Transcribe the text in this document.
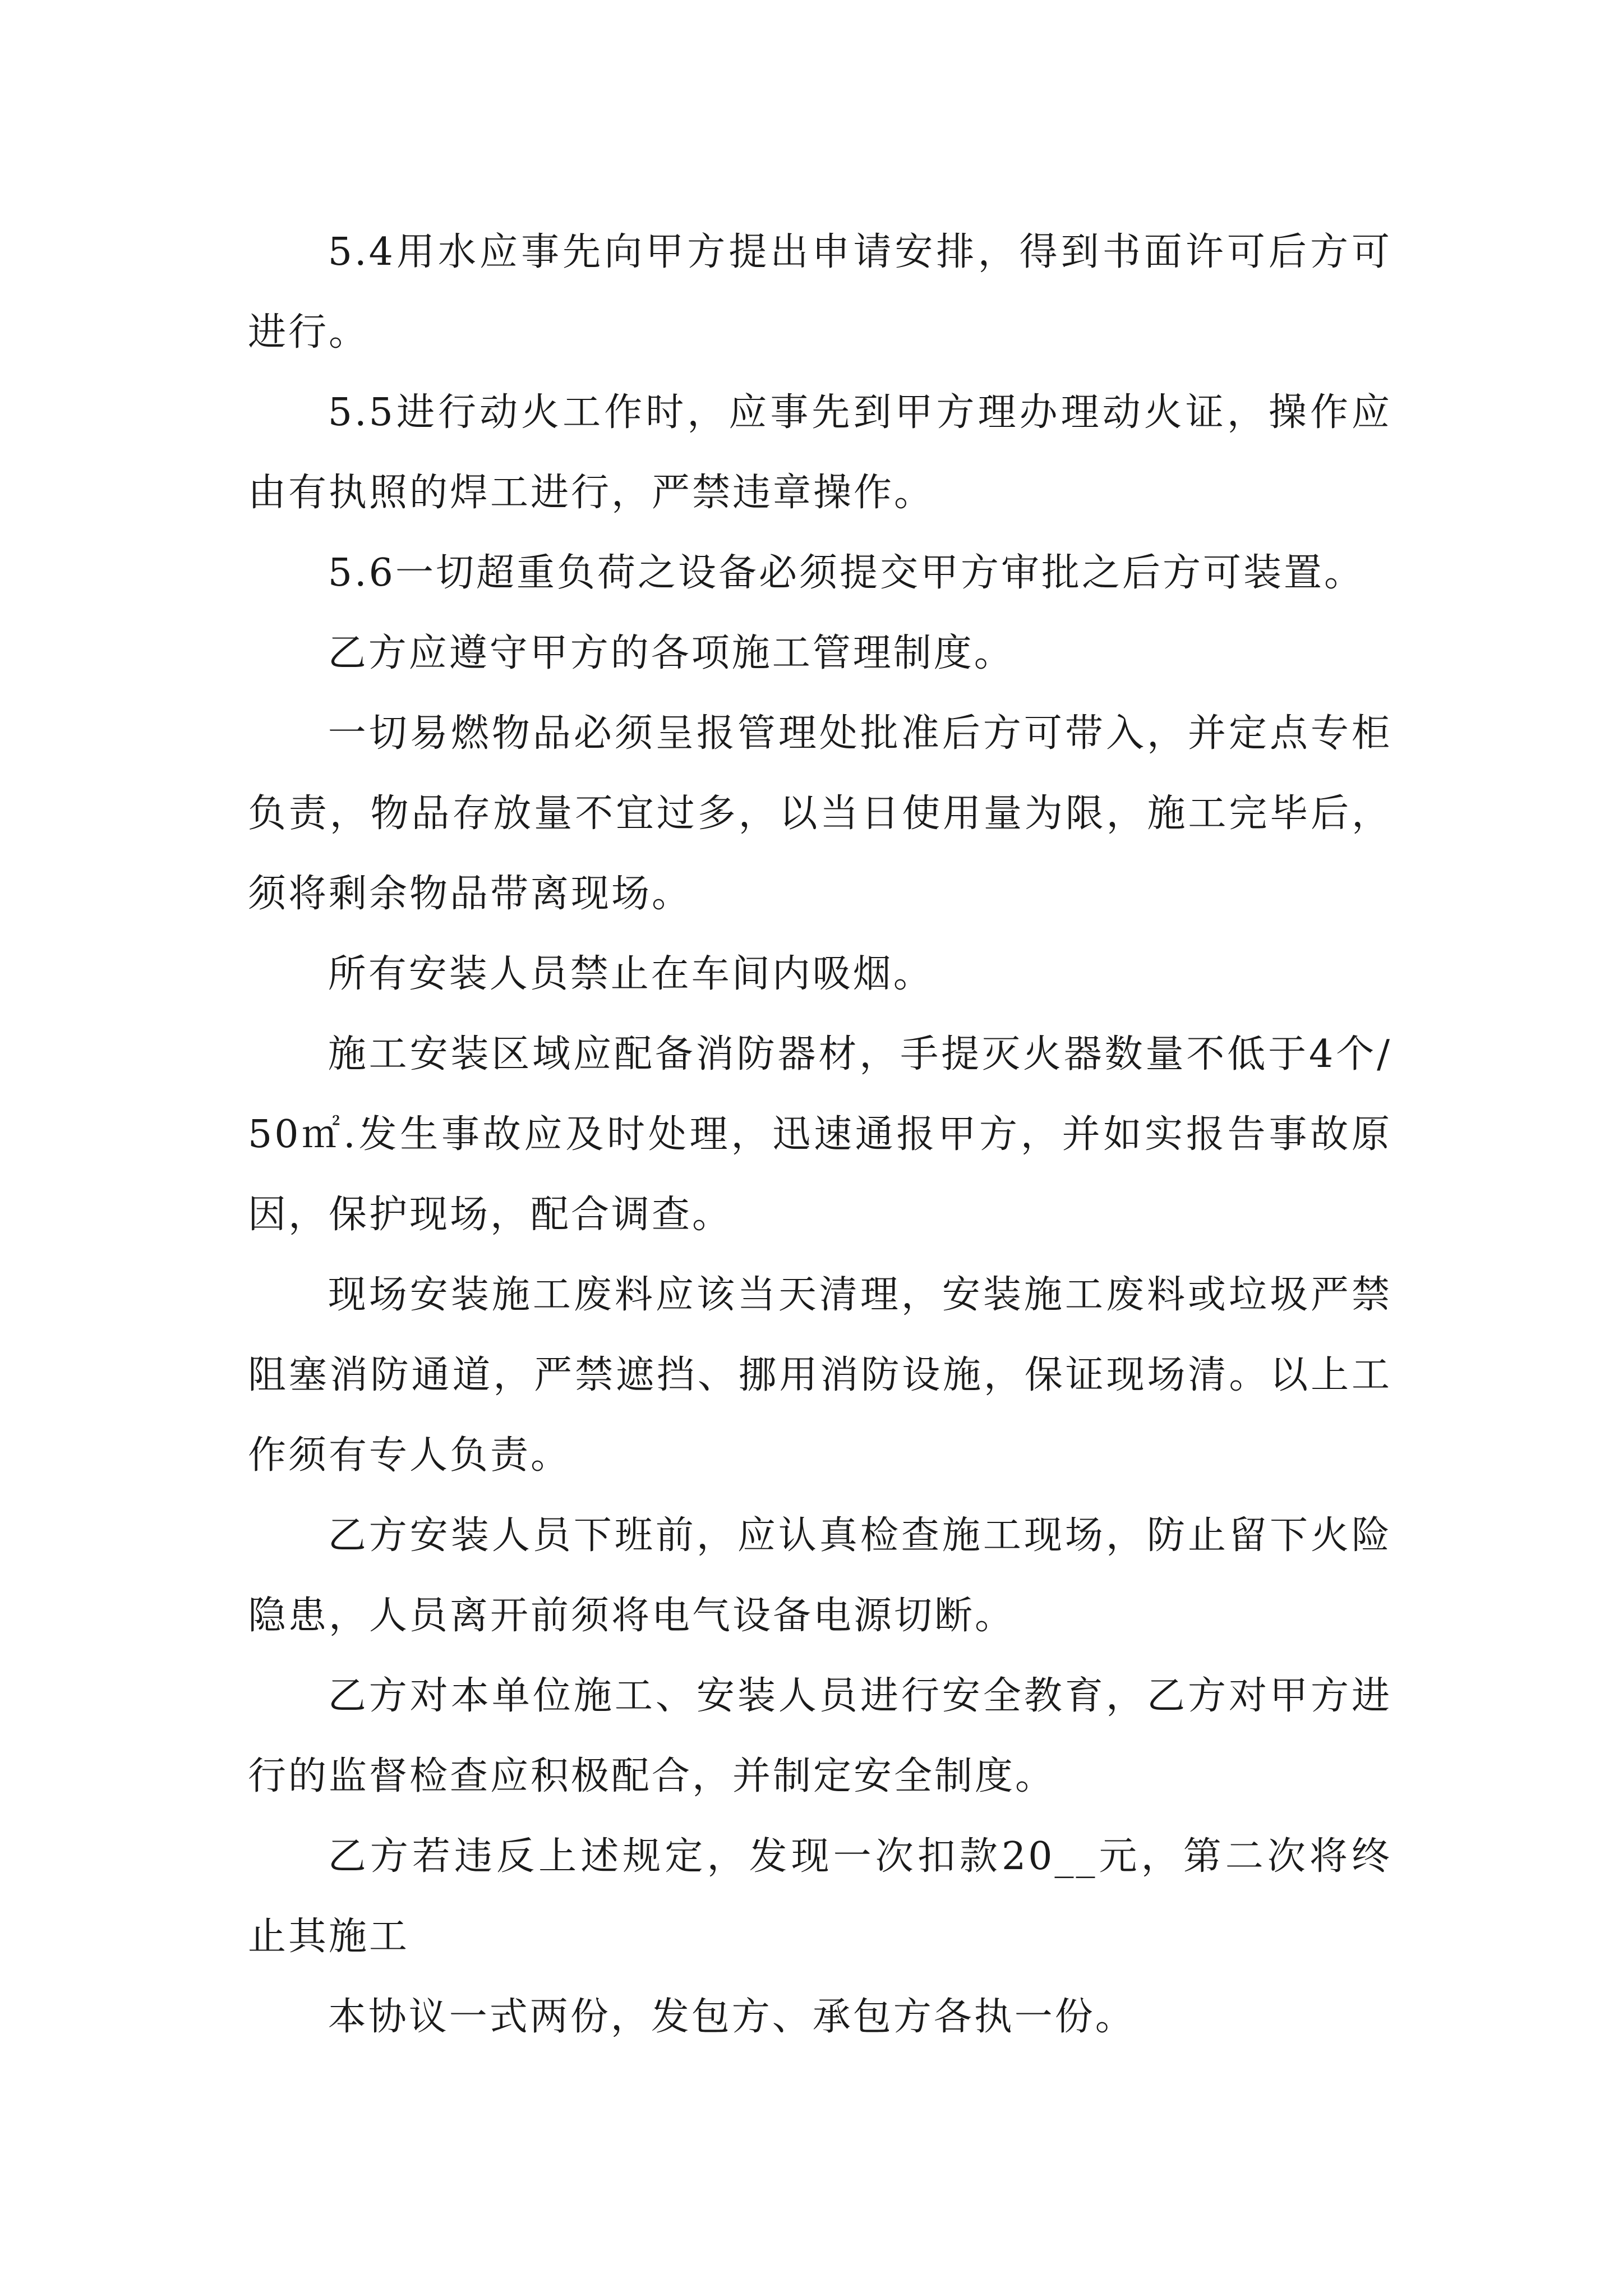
5.4用水应事先向甲方提出申请安排，得到书面许可后方可进行。

5.5进行动火工作时，应事先到甲方理办理动火证，操作应由有执照的焊工进行，严禁违章操作。

5.6一切超重负荷之设备必须提交甲方审批之后方可装置。

乙方应遵守甲方的各项施工管理制度。

一切易燃物品必须呈报管理处批准后方可带入，并定点专柜负责，物品存放量不宜过多，以当日使用量为限，施工完毕后，须将剩余物品带离现场。

所有安装人员禁止在车间内吸烟。

施工安装区域应配备消防器材，手提灭火器数量不低于4个/50㎡.发生事故应及时处理，迅速通报甲方，并如实报告事故原因，保护现场，配合调查。

现场安装施工废料应该当天清理，安装施工废料或垃圾严禁阻塞消防通道，严禁遮挡、挪用消防设施，保证现场清。以上工作须有专人负责。

乙方安装人员下班前，应认真检查施工现场，防止留下火险隐患，人员离开前须将电气设备电源切断。

乙方对本单位施工、安装人员进行安全教育，乙方对甲方进行的监督检查应积极配合，并制定安全制度。

乙方若违反上述规定，发现一次扣款20__元，第二次将终止其施工

本协议一式两份，发包方、承包方各执一份。
